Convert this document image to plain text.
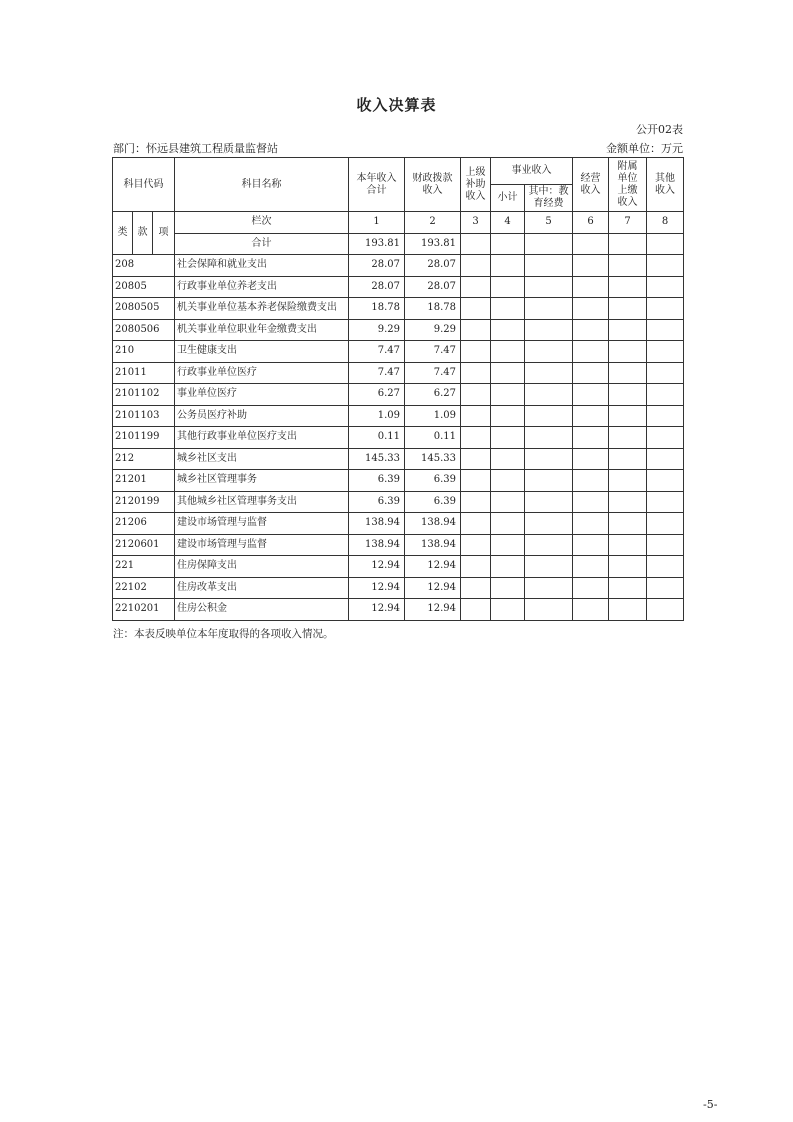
收入决算表
公开02表
部门：怀远县建筑工程质量监督站	金额单位：万元
科目代码			科目名称	本年收入合计	财政拨款收入	上级补助收入	事业收入		经营收入	附属单位上缴收入	其他收入
							小计	其中：教育经费			
类	款	项	栏次	1	2	3	4	5	6	7	8
			合计	193.81	193.81						
208			社会保障和就业支出	28.07	28.07						
20805			行政事业单位养老支出	28.07	28.07						
2080505			机关事业单位基本养老保险缴费支出	18.78	18.78						
2080506			机关事业单位职业年金缴费支出	9.29	9.29						
210			卫生健康支出	7.47	7.47						
21011			行政事业单位医疗	7.47	7.47						
2101102			事业单位医疗	6.27	6.27						
2101103			公务员医疗补助	1.09	1.09						
2101199			其他行政事业单位医疗支出	0.11	0.11						
212			城乡社区支出	145.33	145.33						
21201			城乡社区管理事务	6.39	6.39						
2120199			其他城乡社区管理事务支出	6.39	6.39						
21206			建设市场管理与监督	138.94	138.94						
2120601			建设市场管理与监督	138.94	138.94						
221			住房保障支出	12.94	12.94						
22102			住房改革支出	12.94	12.94						
2210201			住房公积金	12.94	12.94						
注：本表反映单位本年度取得的各项收入情况。
-5-
